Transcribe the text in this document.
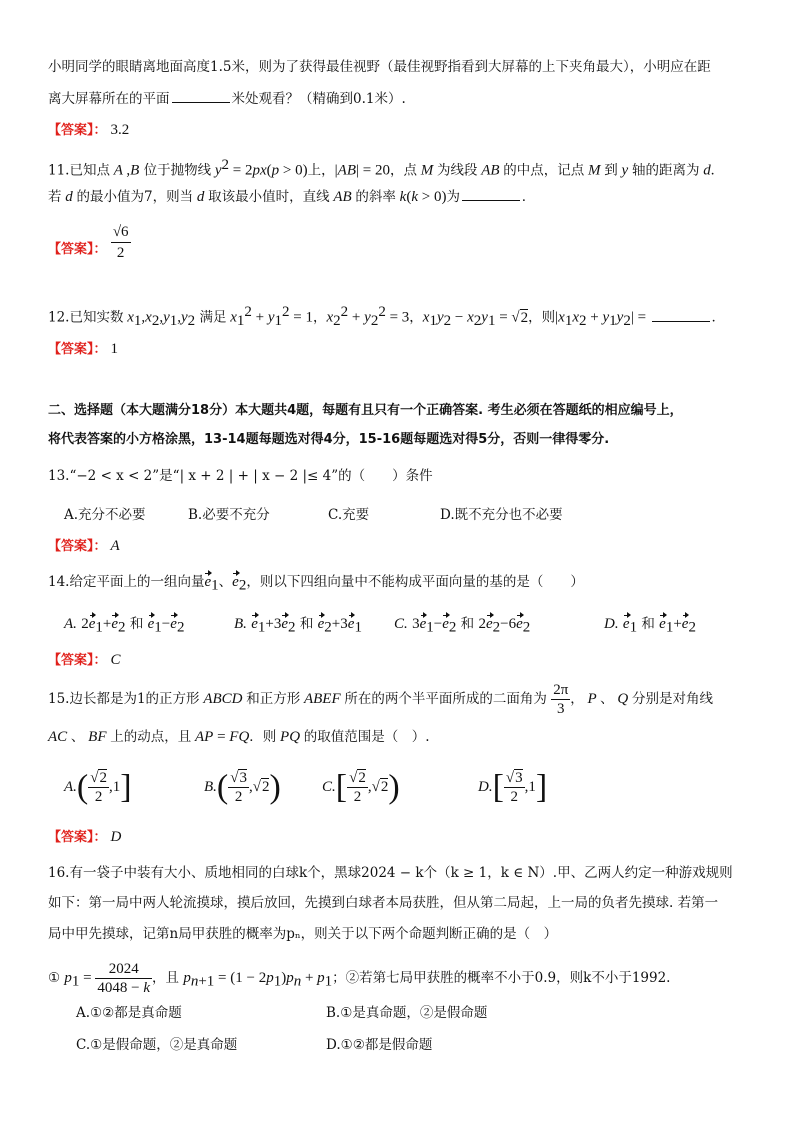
小明同学的眼睛离地面高度1.5米，则为了获得最佳视野（最佳视野指看到大屏幕的上下夹角最大），小明应在距
离大屏幕所在的平面	米处观看？（精确到0.1米）.
【答案】： 3.2
11.已知点 A ,B 位于抛物线 $y^2 = 2px(p > 0)$上，|AB| = 20，点 M 为线段 AB 的中点，记点 M 到 y 轴的距离为 d.
若 d 的最小值为7，则当 d 取该最小值时，直线 AB 的斜率 k(k > 0)为	.
【答案】： $\frac{√6}{2}$
12.已知实数 $x_1,x_2,y_1,y_2$ 满足 $x_1^2 + y_1^2 = 1$，$x_2^2 + y_2^2 = 3$，$x_1y_2 - x_2y_1 = √2$，则$|x_1x_2 + y_1y_2|$ =	.
【答案】： 1
二、选择题（本大题满分18分）本大题共4题，每题有且只有一个正确答案. 考生必须在答题纸的相应编号上，
将代表答案的小方格涂黑，13-14题每题选对得4分，15-16题每题选对得5分，否则一律得零分.
13.“−2 < x < 2”是“| x + 2 | + | x − 2 |≤ 4”的（　　）条件
A.充分不必要	B.必要不充分	C.充要	D.既不充分也不必要
【答案】： A
14.给定平面上的一组向量$e_1$、$e_2$，则以下四组向量中不能构成平面向量的基的是（　　）
A. $2e_1+e_2$ 和 $e_1-e_2$	B. $e_1+3e_2$ 和 $e_2+3e_1$ C. $3e_1-e_2$ 和 $2e_2-6e_2$	D. $e_1$ 和 $e_1+e_2$
【答案】： C
15.边长都是为1的正方形 ABCD 和正方形 ABEF 所在的两个半平面所成的二面角为 $\frac{2\pi}{3}$ ， P 、 Q 分别是对角线
AC 、 BF 上的动点，且 AP = FQ．则 PQ 的取值范围是（　）.
$A.( \frac{√2}{2} ,1]$	$B.( \frac{√3}{2} ,√2)$	$C.[ \frac{√2}{2} ,√2)$	$D.[ \frac{√3}{2} ,1]$
【答案】： D
16.有一袋子中装有大小、质地相同的白球k个，黑球2024 − k个（k ≥ 1，k ∈ N）.甲、乙两人约定一种游戏规则
如下：第一局中两人轮流摸球，摸后放回，先摸到白球者本局获胜，但从第二局起，上一局的负者先摸球. 若第一
局中甲先摸球，记第n局甲获胜的概率为pₙ，则关于以下两个命题判断正确的是（　）
① $p_1 = \frac{2024}{4048 - k}$ ，且 $p_{n+1} = (1 - 2p_1)p_n + p_1$；②若第七局甲获胜的概率不小于0.9，则k不小于1992.
A.①②都是真命题	B.①是真命题，②是假命题
C.①是假命题，②是真命题	D.①②都是假命题
